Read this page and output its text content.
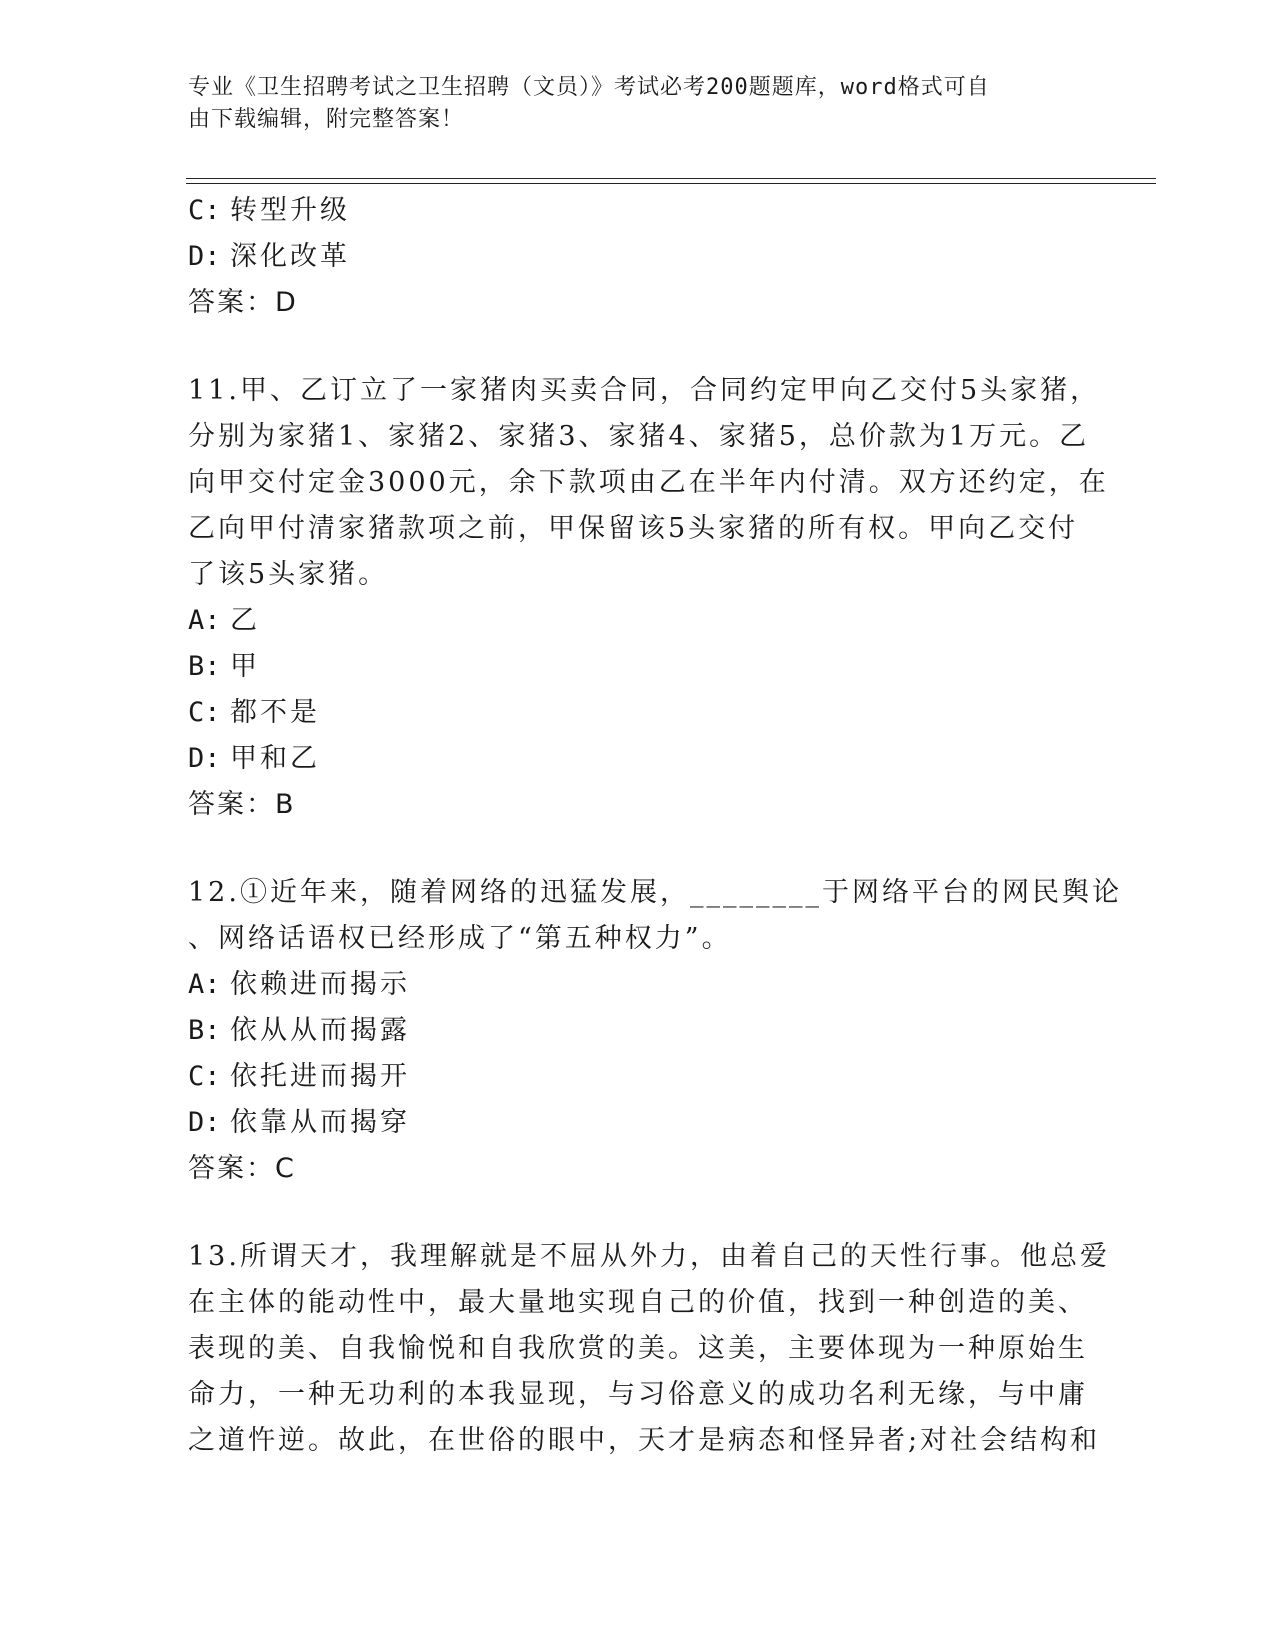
专业《卫生招聘考试之卫生招聘（文员）》考试必考200题题库，word格式可自
由下载编辑，附完整答案！
C: 转型升级
D: 深化改革
答案：D
11.甲、乙订立了一家猪肉买卖合同，合同约定甲向乙交付5头家猪，
分别为家猪1、家猪2、家猪3、家猪4、家猪5，总价款为1万元。乙
向甲交付定金3000元，余下款项由乙在半年内付清。双方还约定，在
乙向甲付清家猪款项之前，甲保留该5头家猪的所有权。甲向乙交付
了该5头家猪。
A: 乙
B: 甲
C: 都不是
D: 甲和乙
答案：B
12.①近年来，随着网络的迅猛发展，________于网络平台的网民舆论
、网络话语权已经形成了“第五种权力”。
A: 依赖进而揭示
B: 依从从而揭露
C: 依托进而揭开
D: 依靠从而揭穿
答案：C
13.所谓天才，我理解就是不屈从外力，由着自己的天性行事。他总爱
在主体的能动性中，最大量地实现自己的价值，找到一种创造的美、
表现的美、自我愉悦和自我欣赏的美。这美，主要体现为一种原始生
命力，一种无功利的本我显现，与习俗意义的成功名利无缘，与中庸
之道忤逆。故此，在世俗的眼中，天才是病态和怪异者;对社会结构和
